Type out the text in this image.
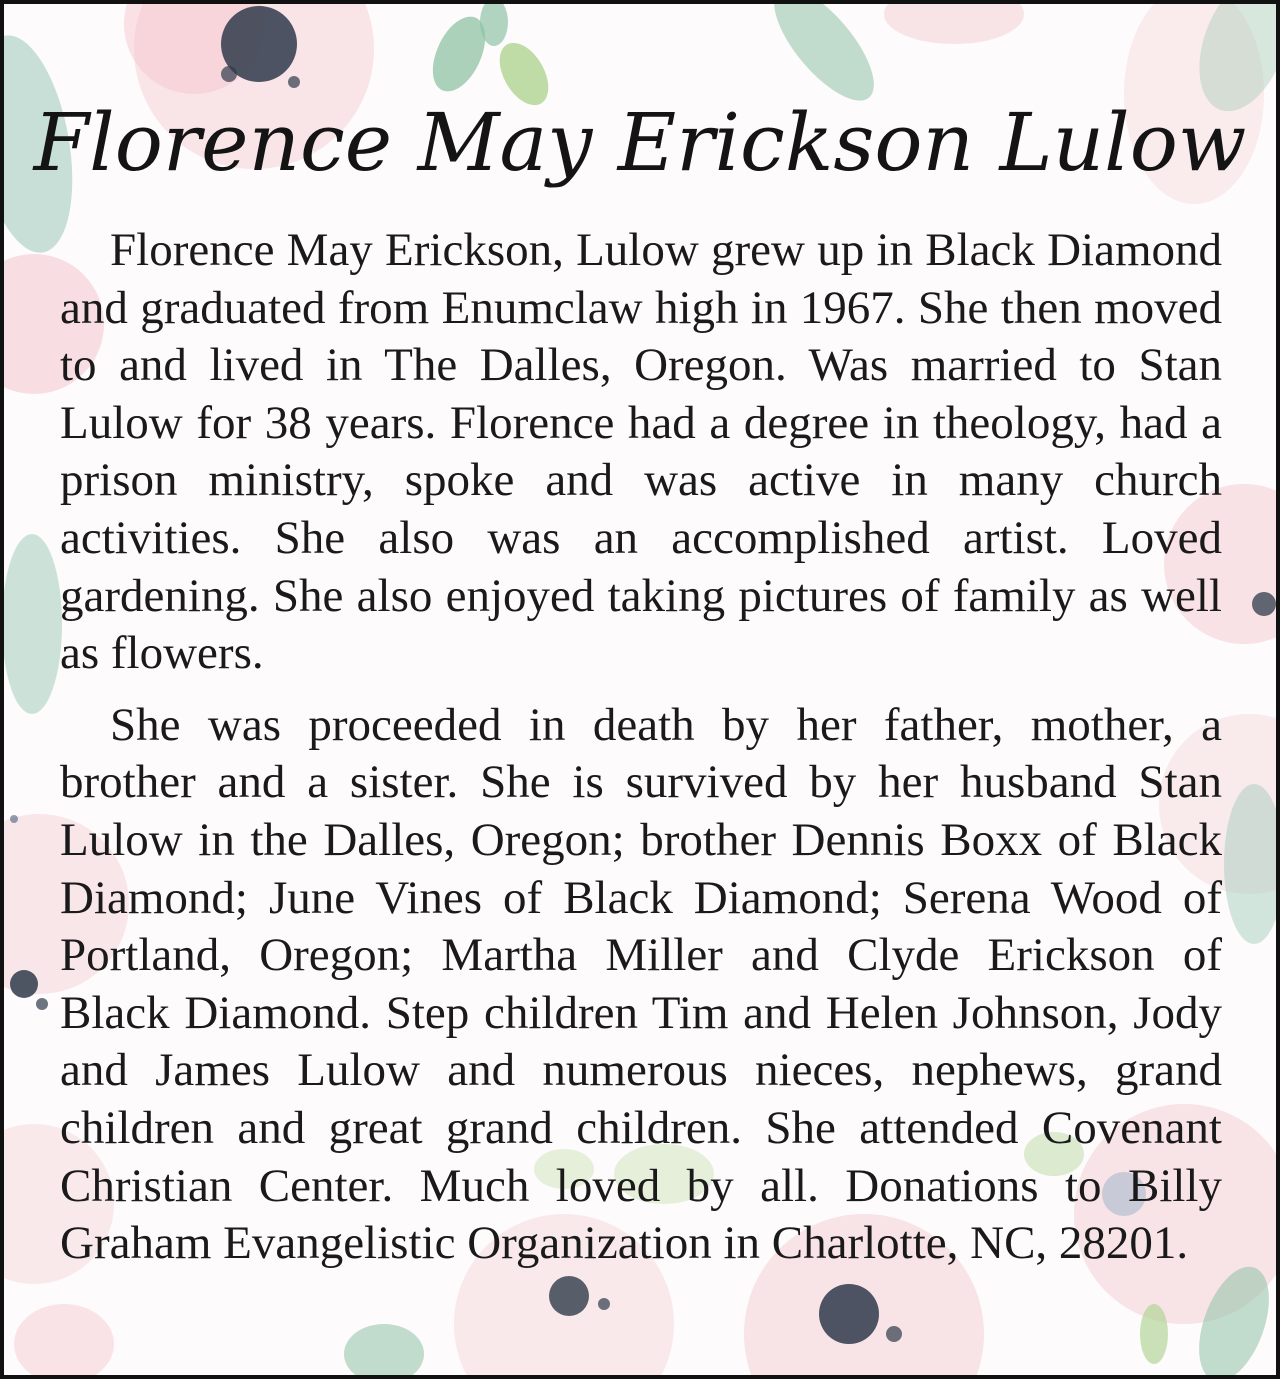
Florence May Erickson Lulow

Florence May Erickson, Lulow grew up in Black Diamond and graduated from Enumclaw high in 1967. She then moved to and lived in The Dalles, Oregon. Was married to Stan Lulow for 38 years. Florence had a degree in theology, had a prison ministry, spoke and was active in many church activities. She also was an accomplished artist. Loved gardening. She also enjoyed taking pictures of family as well as flowers.

She was proceeded in death by her father, mother, a brother and a sister. She is survived by her husband Stan Lulow in the Dalles, Oregon; brother Dennis Boxx of Black Diamond; June Vines of Black Diamond; Serena Wood of Portland, Oregon; Martha Miller and Clyde Erickson of Black Diamond. Step children Tim and Helen Johnson, Jody and James Lulow and numerous nieces, nephews, grand children and great grand children. She attended Covenant Christian Center. Much loved by all. Donations to Billy Graham Evangelistic Organization in Charlotte, NC, 28201.
